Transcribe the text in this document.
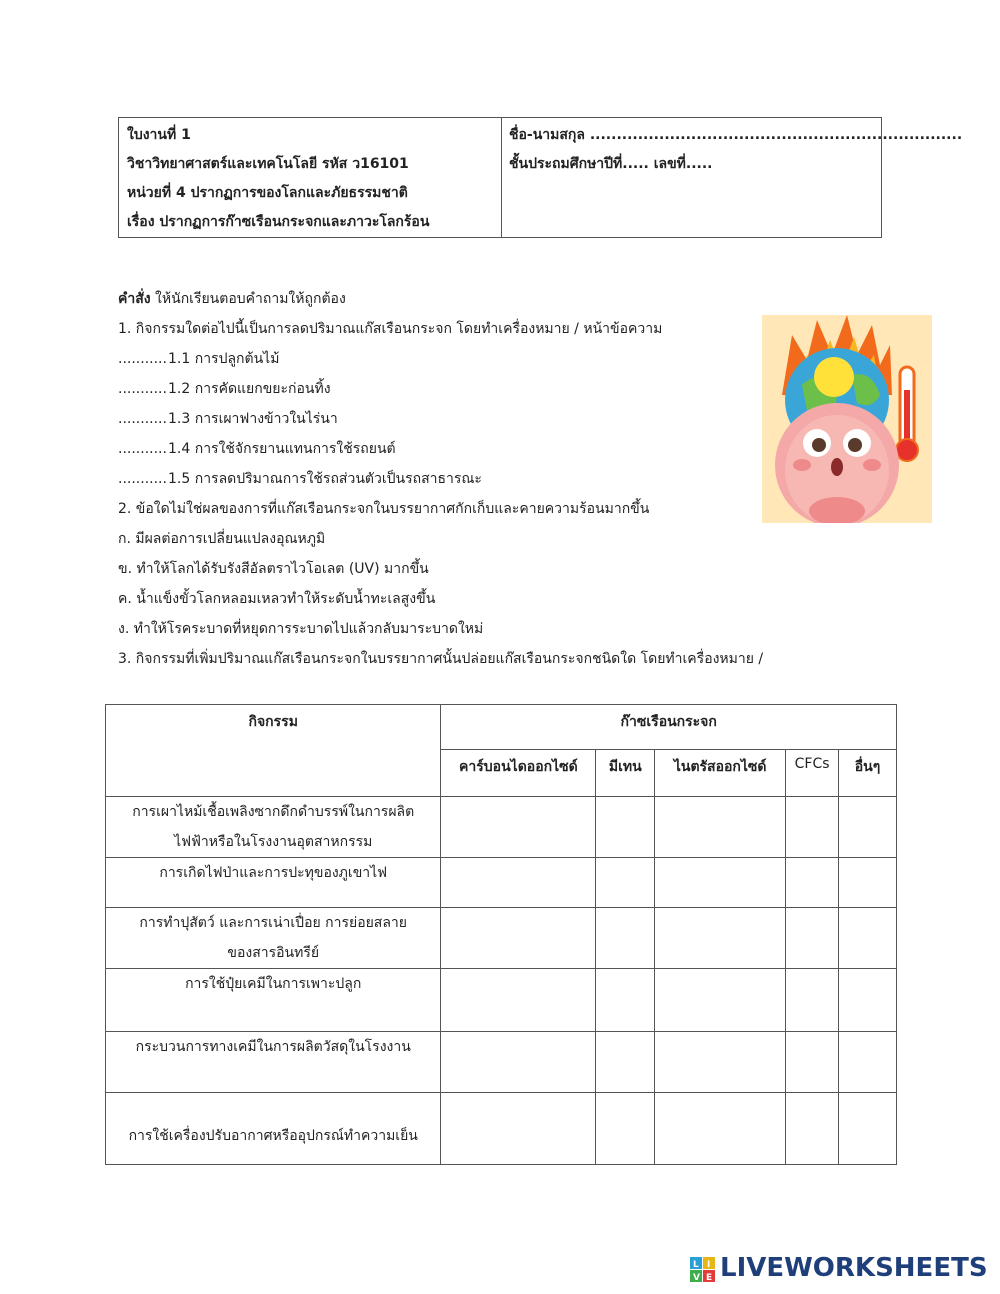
ใบงานที่ 1
วิชาวิทยาศาสตร์และเทคโนโลยี รหัส ว16101
หน่วยที่ 4 ปรากฏการของโลกและภัยธรรมชาติ
เรื่อง ปรากฏการก๊าซเรือนกระจกและภาวะโลกร้อน
ชื่อ-นามสกุล ......................................................................
ชั้นประถมศึกษาปีที่..... เลขที่.....
คำสั่ง ให้นักเรียนตอบคำถามให้ถูกต้อง
1. กิจกรรมใดต่อไปนี้เป็นการลดปริมาณแก๊สเรือนกระจก โดยทำเครื่องหมาย / หน้าข้อความ
...........1.1 การปลูกต้นไม้
...........1.2 การคัดแยกขยะก่อนทิ้ง
...........1.3 การเผาฟางข้าวในไร่นา
...........1.4 การใช้จักรยานแทนการใช้รถยนต์
...........1.5 การลดปริมาณการใช้รถส่วนตัวเป็นรถสาธารณะ
2. ข้อใดไม่ใช่ผลของการที่แก๊สเรือนกระจกในบรรยากาศกักเก็บและคายความร้อนมากขึ้น
ก. มีผลต่อการเปลี่ยนแปลงอุณหภูมิ
ข. ทำให้โลกได้รับรังสีอัลตราไวโอเลต (UV) มากขึ้น
ค. น้ำแข็งขั้วโลกหลอมเหลวทำให้ระดับน้ำทะเลสูงขึ้น
ง. ทำให้โรคระบาดที่หยุดการระบาดไปแล้วกลับมาระบาดใหม่
3. กิจกรรมที่เพิ่มปริมาณแก๊สเรือนกระจกในบรรยากาศนั้นปล่อยแก๊สเรือนกระจกชนิดใด โดยทำเครื่องหมาย /
กิจกรรม	ก๊าซเรือนกระจก				
	คาร์บอนไดออกไซด์	มีเทน	ไนตรัสออกไซด์	CFCs	อื่นๆ

การเผาไหม้เชื้อเพลิงซากดึกดำบรรพ์ในการผลิต
ไฟฟ้าหรือในโรงงานอุตสาหกรรม					

การเกิดไฟป่าและการปะทุของภูเขาไฟ					

การทำปุสัตว์ และการเน่าเปื่อย การย่อยสลาย
ของสารอินทรีย์					

การใช้ปุ๋ยเคมีในการเพาะปลูก					

กระบวนการทางเคมีในการผลิตวัสดุในโรงงาน					

การใช้เครื่องปรับอากาศหรืออุปกรณ์ทำความเย็น					

L I
V E LIVEWORKSHEETS
